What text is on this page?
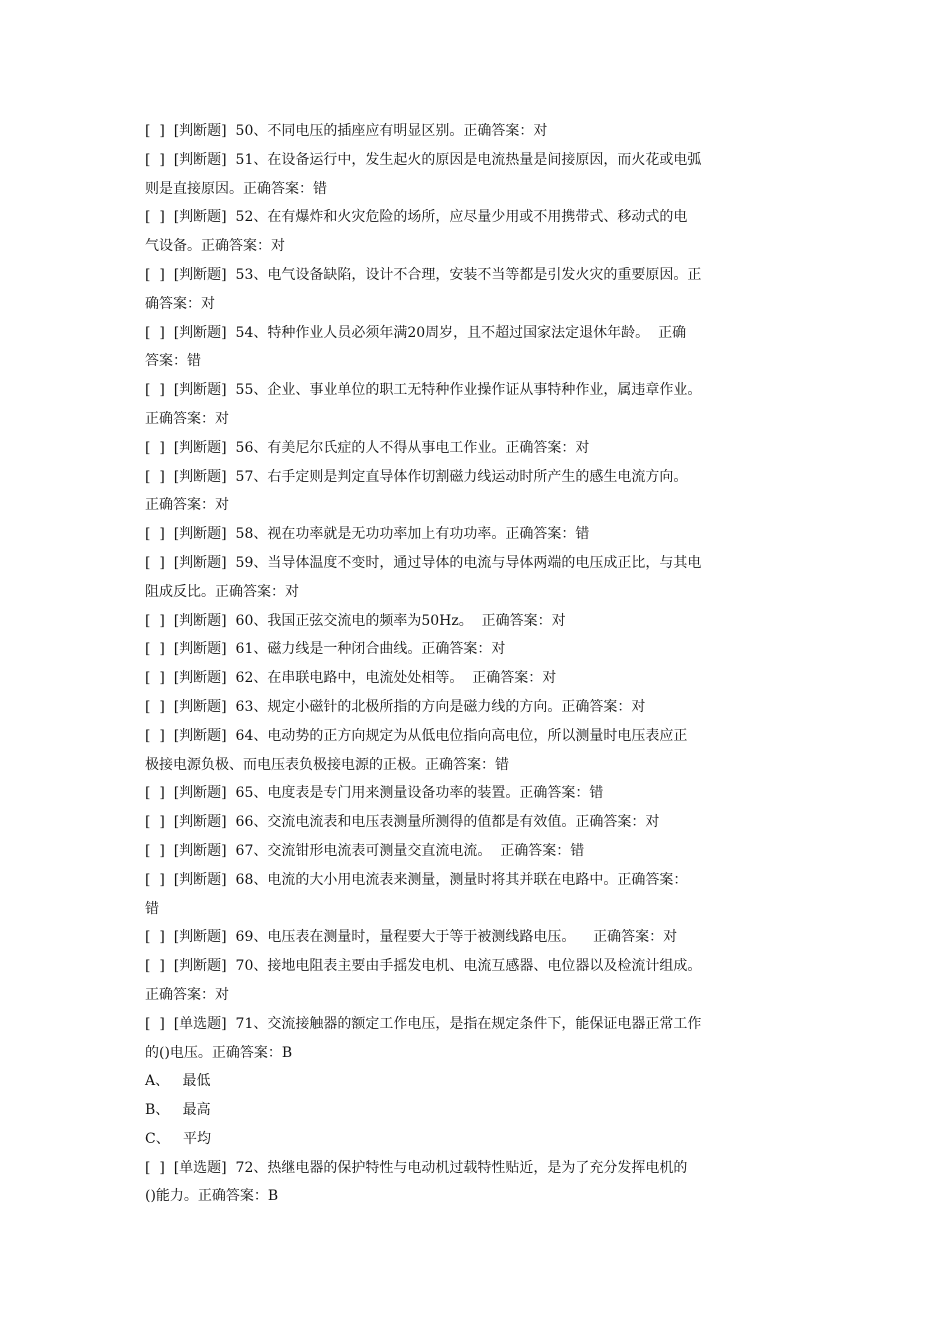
[  ]  [判断题]  50、不同电压的插座应有明显区别。正确答案：对
[  ]  [判断题]  51、在设备运行中，发生起火的原因是电流热量是间接原因，而火花或电弧
则是直接原因。正确答案：错
[  ]  [判断题]  52、在有爆炸和火灾危险的场所，应尽量少用或不用携带式、移动式的电
气设备。正确答案：对
[  ]  [判断题]  53、电气设备缺陷，设计不合理，安装不当等都是引发火灾的重要原因。正
确答案：对
[  ]  [判断题]  54、特种作业人员必须年满20周岁，且不超过国家法定退休年龄。  正确
答案：错
[  ]  [判断题]  55、企业、事业单位的职工无特种作业操作证从事特种作业，属违章作业。
正确答案：对
[  ]  [判断题]  56、有美尼尔氏症的人不得从事电工作业。正确答案：对
[  ]  [判断题]  57、右手定则是判定直导体作切割磁力线运动时所产生的感生电流方向。
正确答案：对
[  ]  [判断题]  58、视在功率就是无功功率加上有功功率。正确答案：错
[  ]  [判断题]  59、当导体温度不变时，通过导体的电流与导体两端的电压成正比，与其电
阻成反比。正确答案：对
[  ]  [判断题]  60、我国正弦交流电的频率为50Hz。  正确答案：对
[  ]  [判断题]  61、磁力线是一种闭合曲线。正确答案：对
[  ]  [判断题]  62、在串联电路中，电流处处相等。  正确答案：对
[  ]  [判断题]  63、规定小磁针的北极所指的方向是磁力线的方向。正确答案：对
[  ]  [判断题]  64、电动势的正方向规定为从低电位指向高电位，所以测量时电压表应正
极接电源负极、而电压表负极接电源的正极。正确答案：错
[  ]  [判断题]  65、电度表是专门用来测量设备功率的装置。正确答案：错
[  ]  [判断题]  66、交流电流表和电压表测量所测得的值都是有效值。正确答案：对
[  ]  [判断题]  67、交流钳形电流表可测量交直流电流。  正确答案：错
[  ]  [判断题]  68、电流的大小用电流表来测量，测量时将其并联在电路中。正确答案：
错
[  ]  [判断题]  69、电压表在测量时，量程要大于等于被测线路电压。    正确答案：对
[  ]  [判断题]  70、接地电阻表主要由手摇发电机、电流互感器、电位器以及检流计组成。
正确答案：对
[  ]  [单选题]  71、交流接触器的额定工作电压，是指在规定条件下，能保证电器正常工作
的()电压。正确答案：B
A、   最低
B、   最高
C、   平均
[  ]  [单选题]  72、热继电器的保护特性与电动机过载特性贴近，是为了充分发挥电机的
()能力。正确答案：B
